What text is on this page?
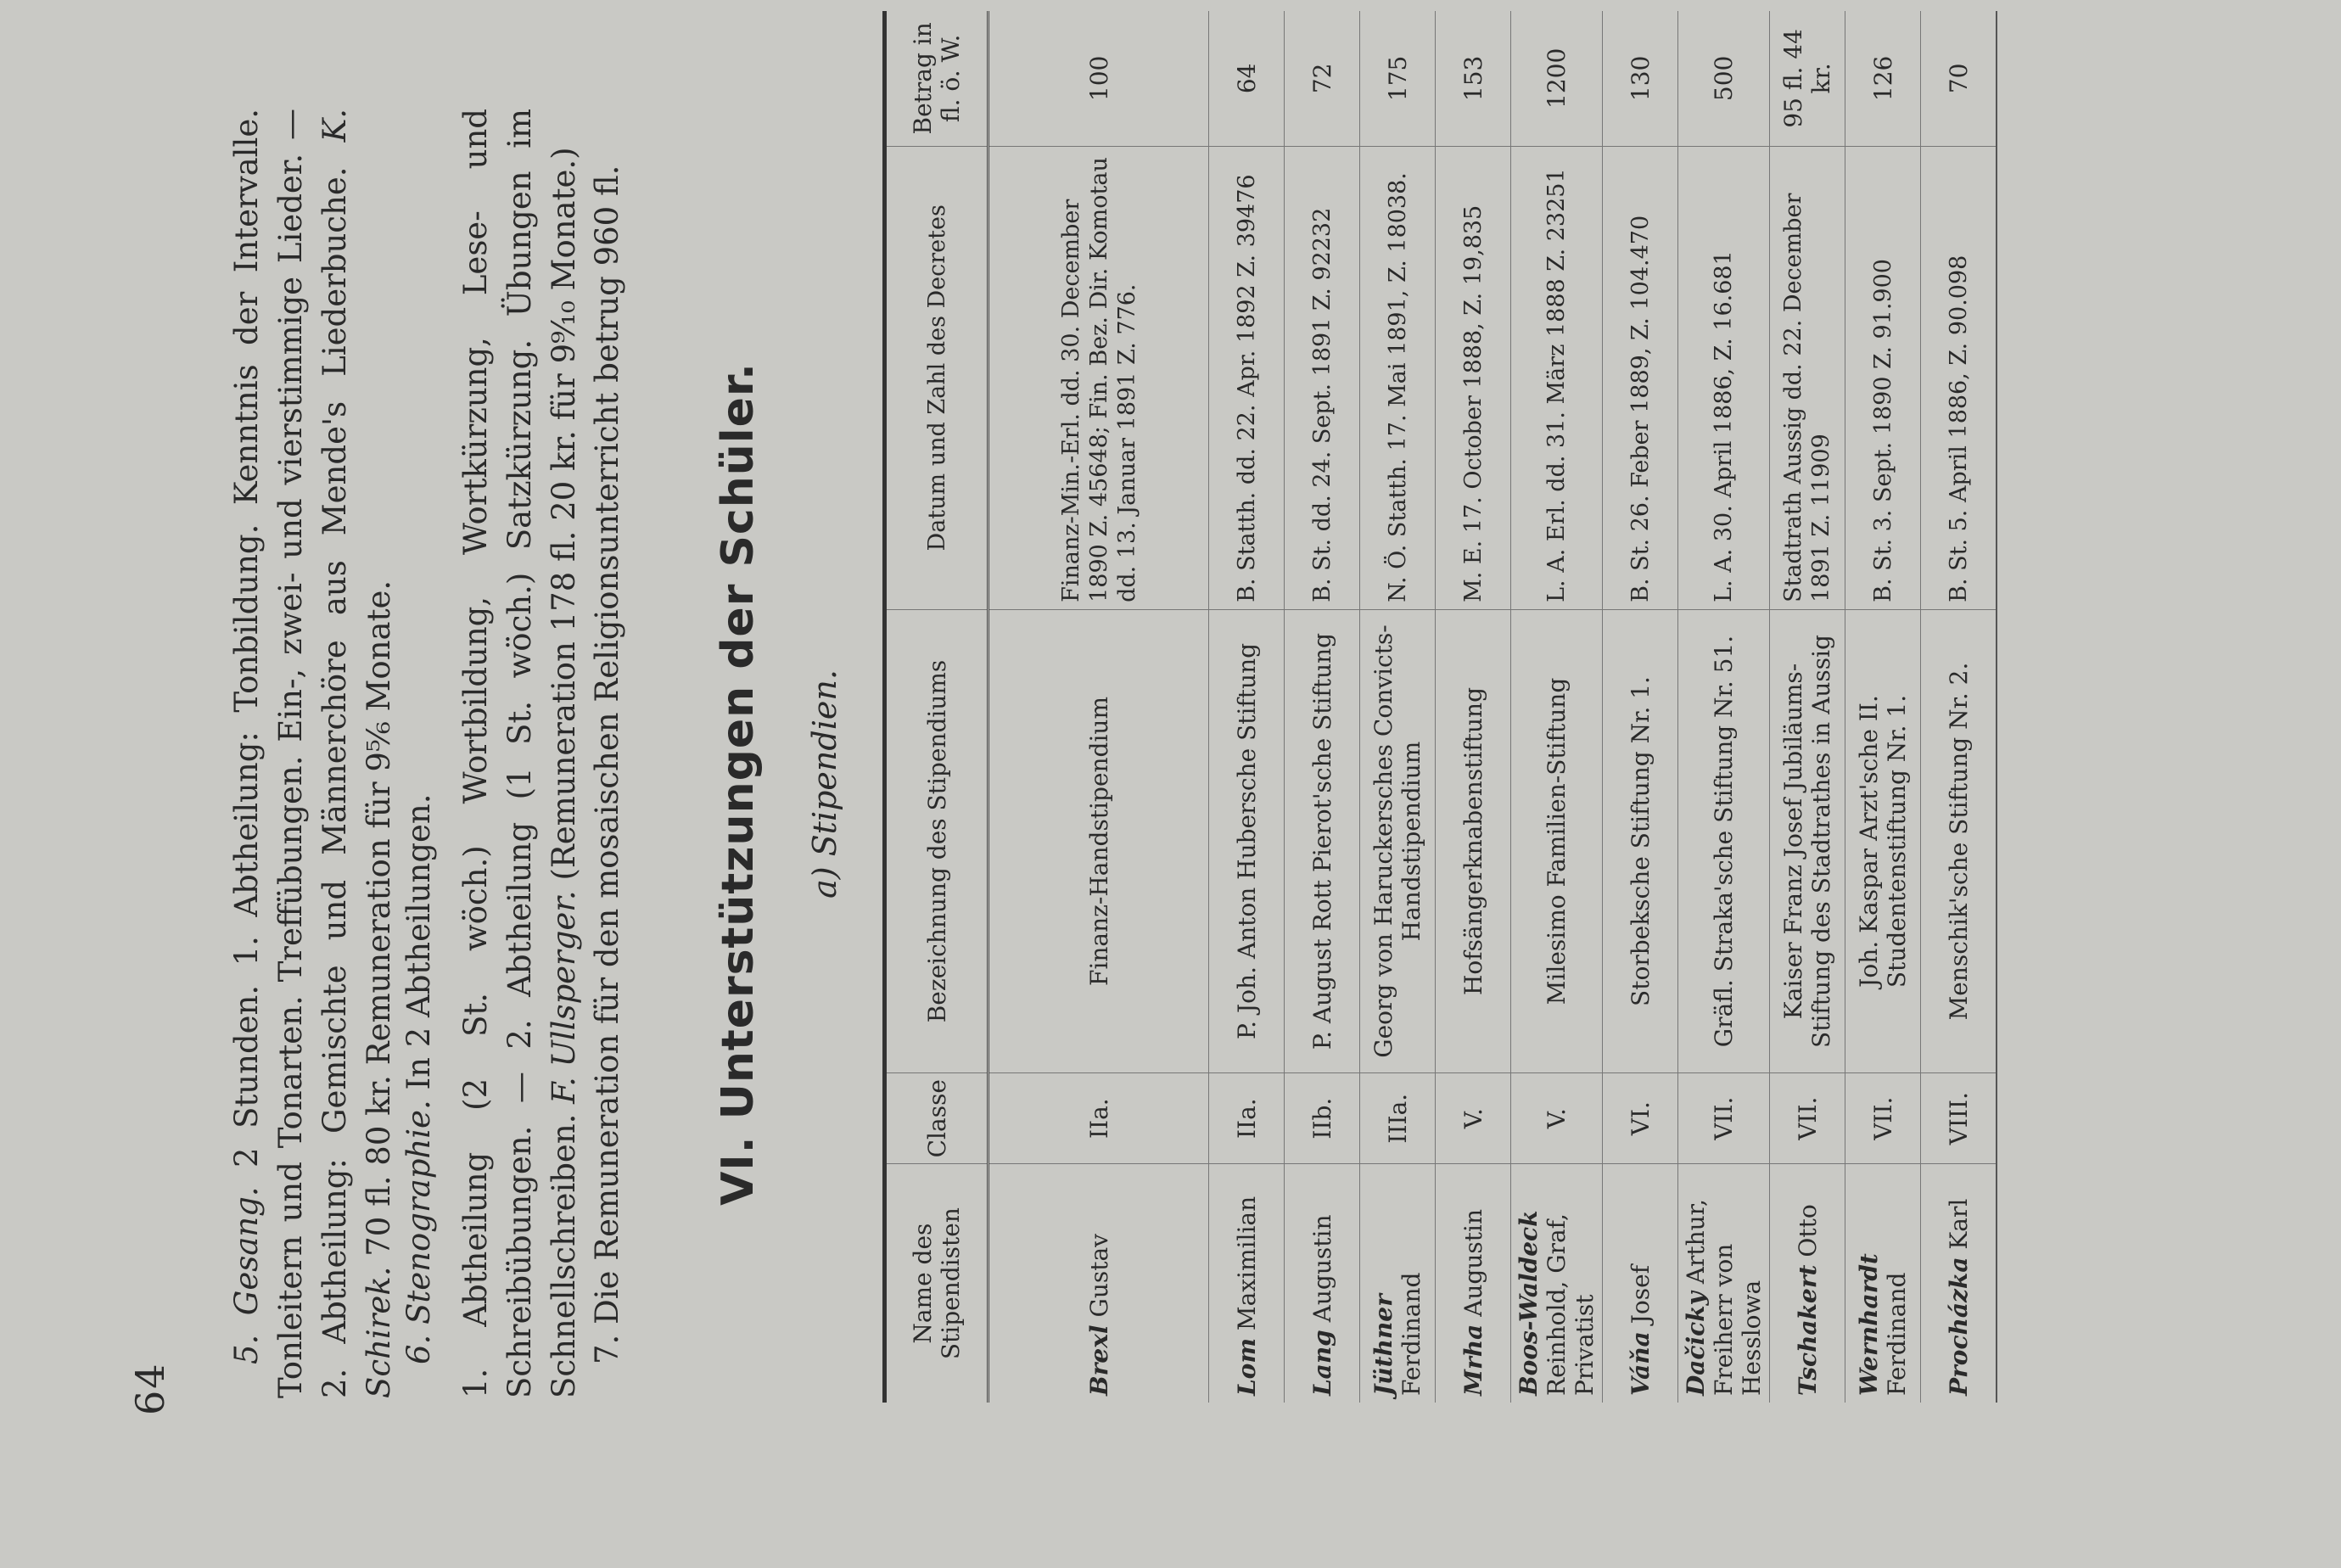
64

5. Gesang. 2 Stunden. 1. Abtheilung: Tonbildung. Kenntnis der Intervalle. Tonleitern und Tonarten. Treffübungen. Ein-, zwei- und vierstimmige Lieder. — 2. Abtheilung: Gemischte und Männerchöre aus Mende's Liederbuche. K. Schirek. 70 fl. 80 kr. Remuneration für 9⁵⁄₆ Monate. 6. Stenographie. In 2 Abtheilungen. 1. Abtheilung (2 St. wöch.) Wortbildung, Wortkürzung, Lese- und Schreibübungen. — 2. Abtheilung (1 St. wöch.) Satzkürzung. Übungen im Schnellschreiben. F. Ullsperger. (Remuneration 178 fl. 20 kr. für 9⁹⁄₁₀ Monate.) 7. Die Remuneration für den mosaischen Religionsunterricht betrug 960 fl. VI. Unterstützungen der Schüler. a) Stipendien.
Name des Stipendisten	Classe	Bezeichnung des Stipendiums	Datum und Zahl des Decretes	Betrag in fl. ö. W.
Brexl Gustav	IIa.	Finanz-Handstipendium	Finanz-Min.-Erl. dd. 30. December 1890 Z. 45648; Fin. Bez. Dir. Komotau dd. 13. Januar 1891 Z. 776.	100
Lom Maximilian	IIa.	P. Joh. Anton Hubersche Stiftung	B. Statth. dd. 22. Apr. 1892 Z. 39476	64
Lang Augustin	IIb.	P. August Rott Pierot'sche Stiftung	B. St. dd. 24. Sept. 1891 Z. 92232	72
Jüthner Ferdinand	IIIa.	Georg von Haruckersches Convicts-Handstipendium	N. Ö. Statth. 17. Mai 1891, Z. 18038.	175
Mrha Augustin	V.	Hofsängerknabenstiftung	M. E. 17. October 1888, Z. 19,835	153
Boos-Waldeck Reinhold, Graf, Privatist	V.	Milesimo Familien-Stiftung	L. A. Erl. dd. 31. März 1888 Z. 23251	1200
Váňa Josef	VI.	Storbeksche Stiftung Nr. 1.	B. St. 26. Feber 1889, Z. 104.470	130
Dačicky Arthur, Freiherr von Hesslowa	VII.	Gräfl. Straka'sche Stiftung Nr. 51.	L. A. 30. April 1886, Z. 16.681	500
Tschakert Otto	VII.	Kaiser Franz Josef Jubiläums-Stiftung des Stadtrathes in Aussig	Stadtrath Aussig dd. 22. December 1891 Z. 11909	95 fl. 44 kr.
Wernhardt Ferdinand	VII.	Joh. Kaspar Arzt'sche II. Studentenstiftung Nr. 1.	B. St. 3. Sept. 1890 Z. 91.900	126
Procházka Karl	VIII.	Menschik'sche Stiftung Nr. 2.	B. St. 5. April 1886, Z. 90.098	70
